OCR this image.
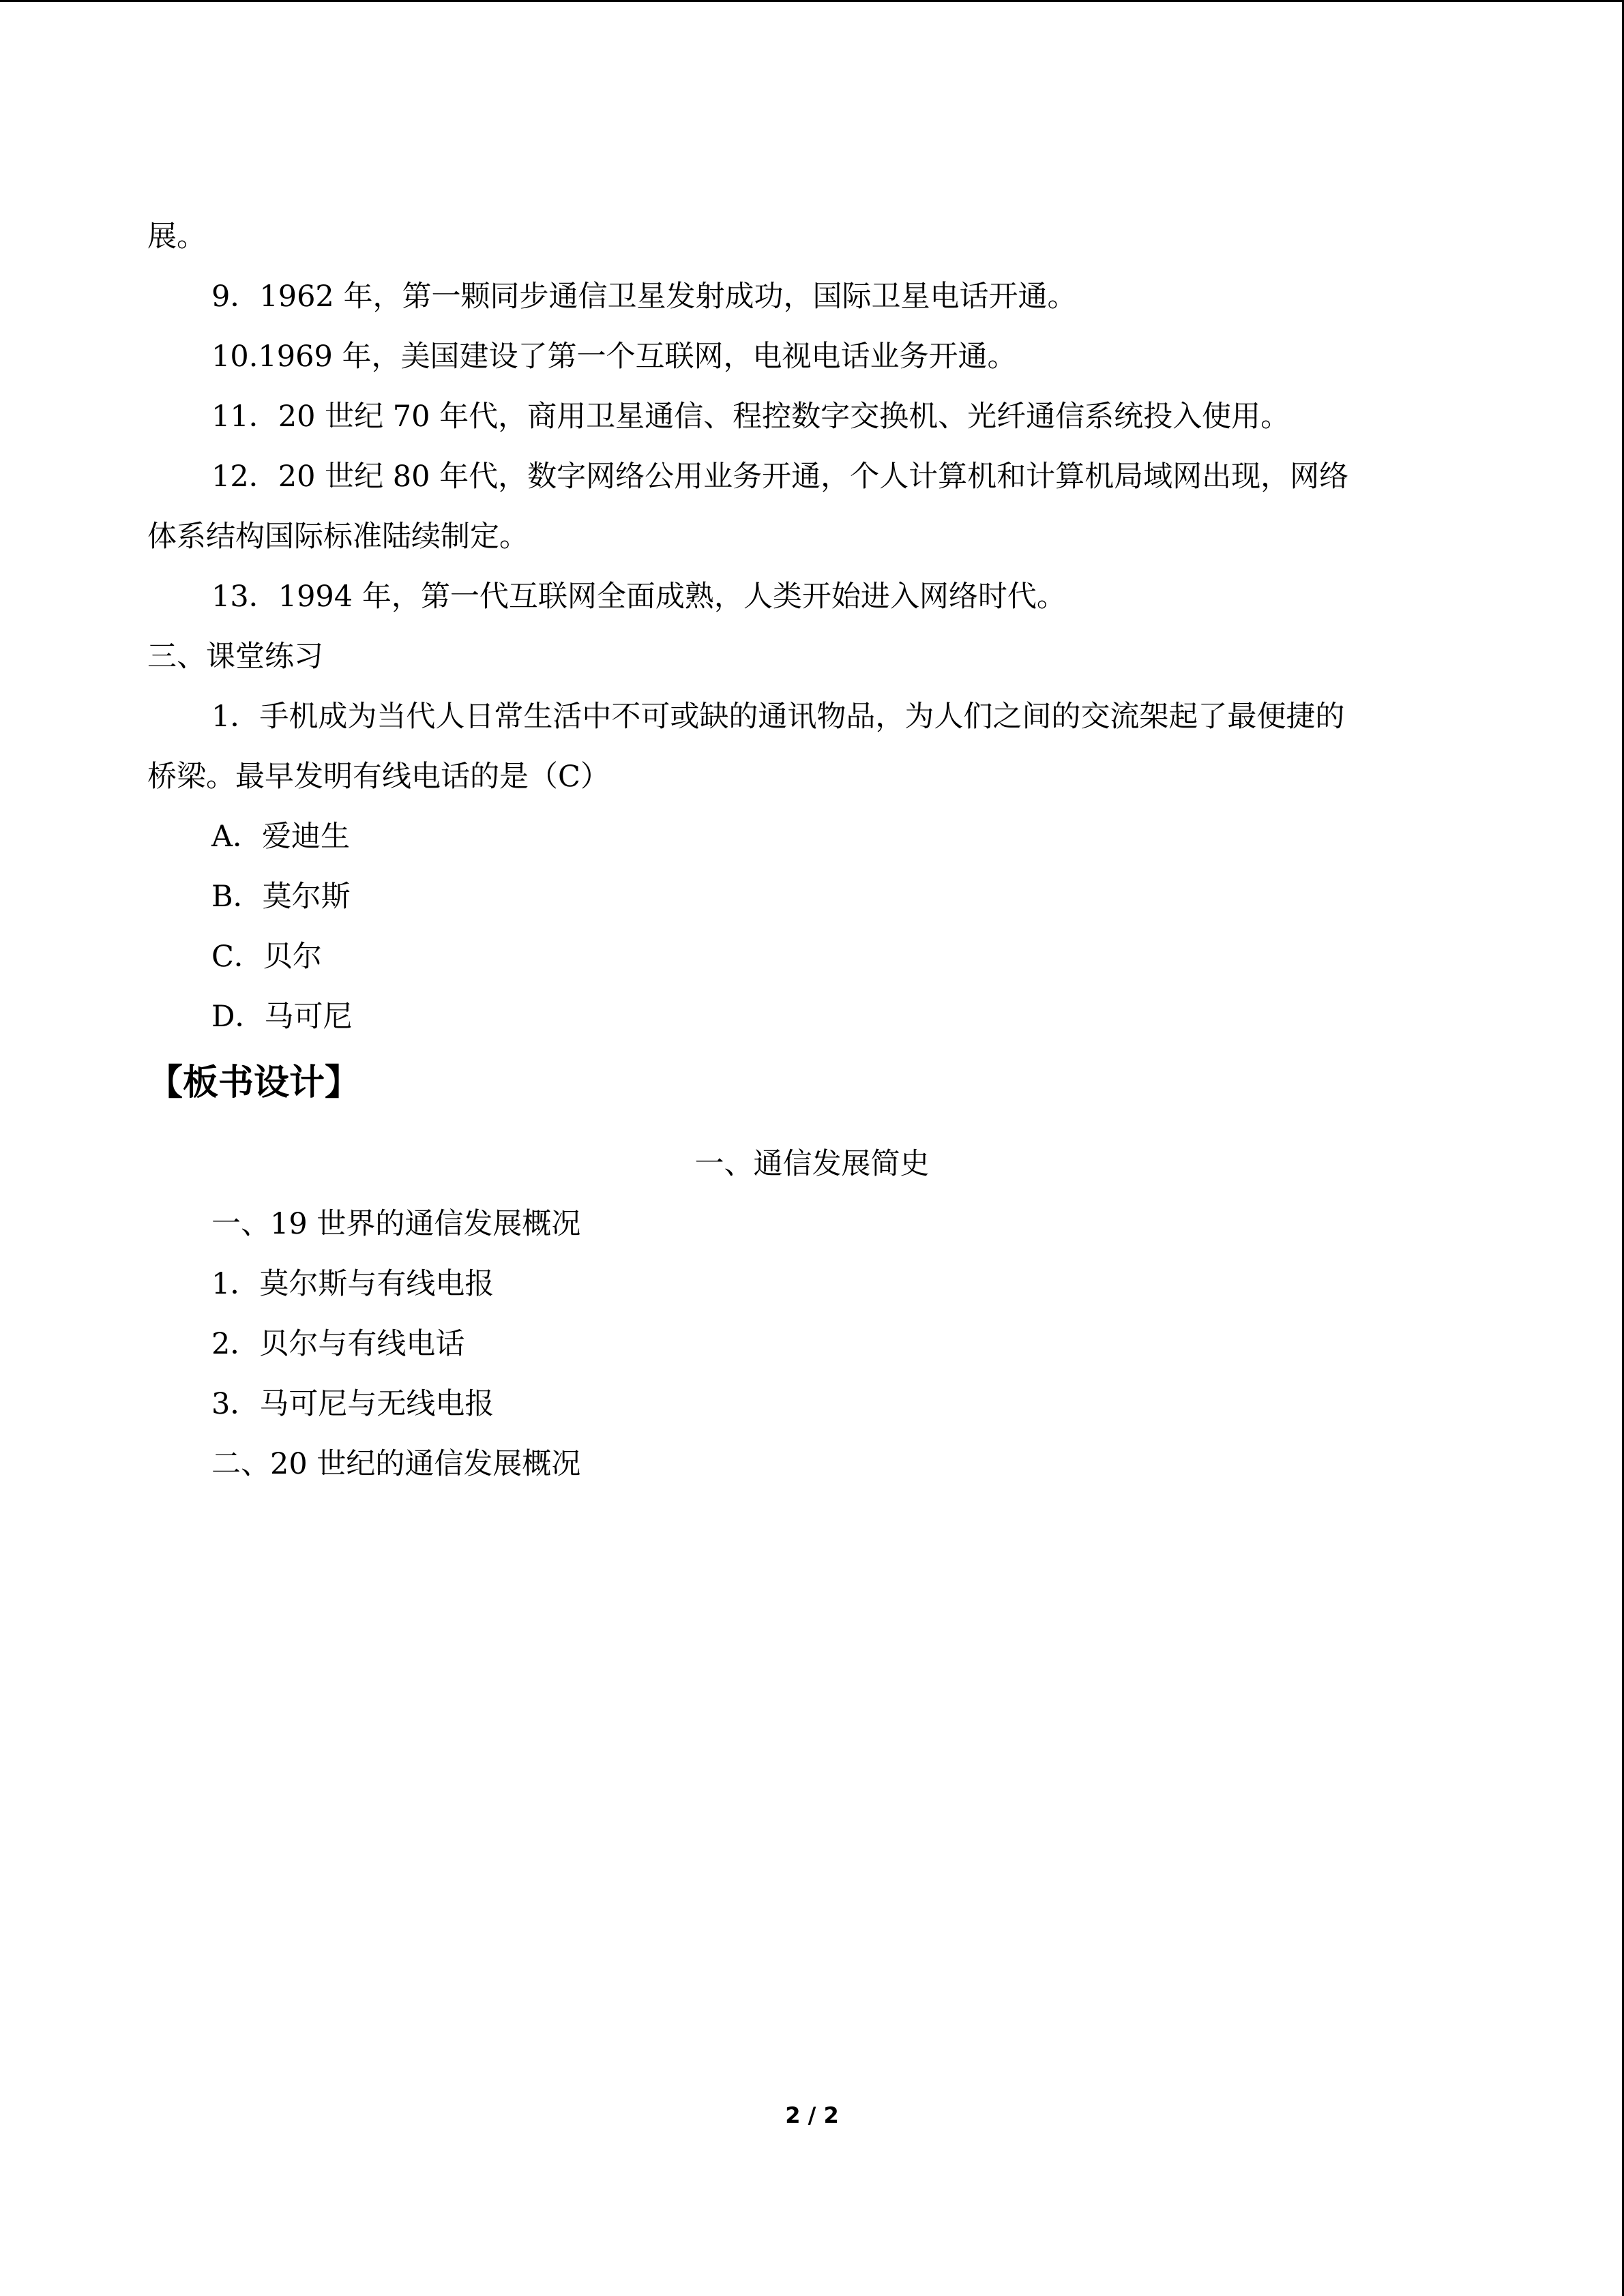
展。
9．1962 年，第一颗同步通信卫星发射成功，国际卫星电话开通。
10.1969 年，美国建设了第一个互联网，电视电话业务开通。
11．20 世纪 70 年代，商用卫星通信、程控数字交换机、光纤通信系统投入使用。
12．20 世纪 80 年代，数字网络公用业务开通，个人计算机和计算机局域网出现，网络
体系结构国际标准陆续制定。
13．1994 年，第一代互联网全面成熟，人类开始进入网络时代。
三、课堂练习
1．手机成为当代人日常生活中不可或缺的通讯物品，为人们之间的交流架起了最便捷的
桥梁。最早发明有线电话的是（C）
A．爱迪生
B．莫尔斯
C．贝尔
D．马可尼
【板书设计】
一、通信发展简史
一、19 世界的通信发展概况
1．莫尔斯与有线电报
2．贝尔与有线电话
3．马可尼与无线电报
二、20 世纪的通信发展概况
2 / 2
